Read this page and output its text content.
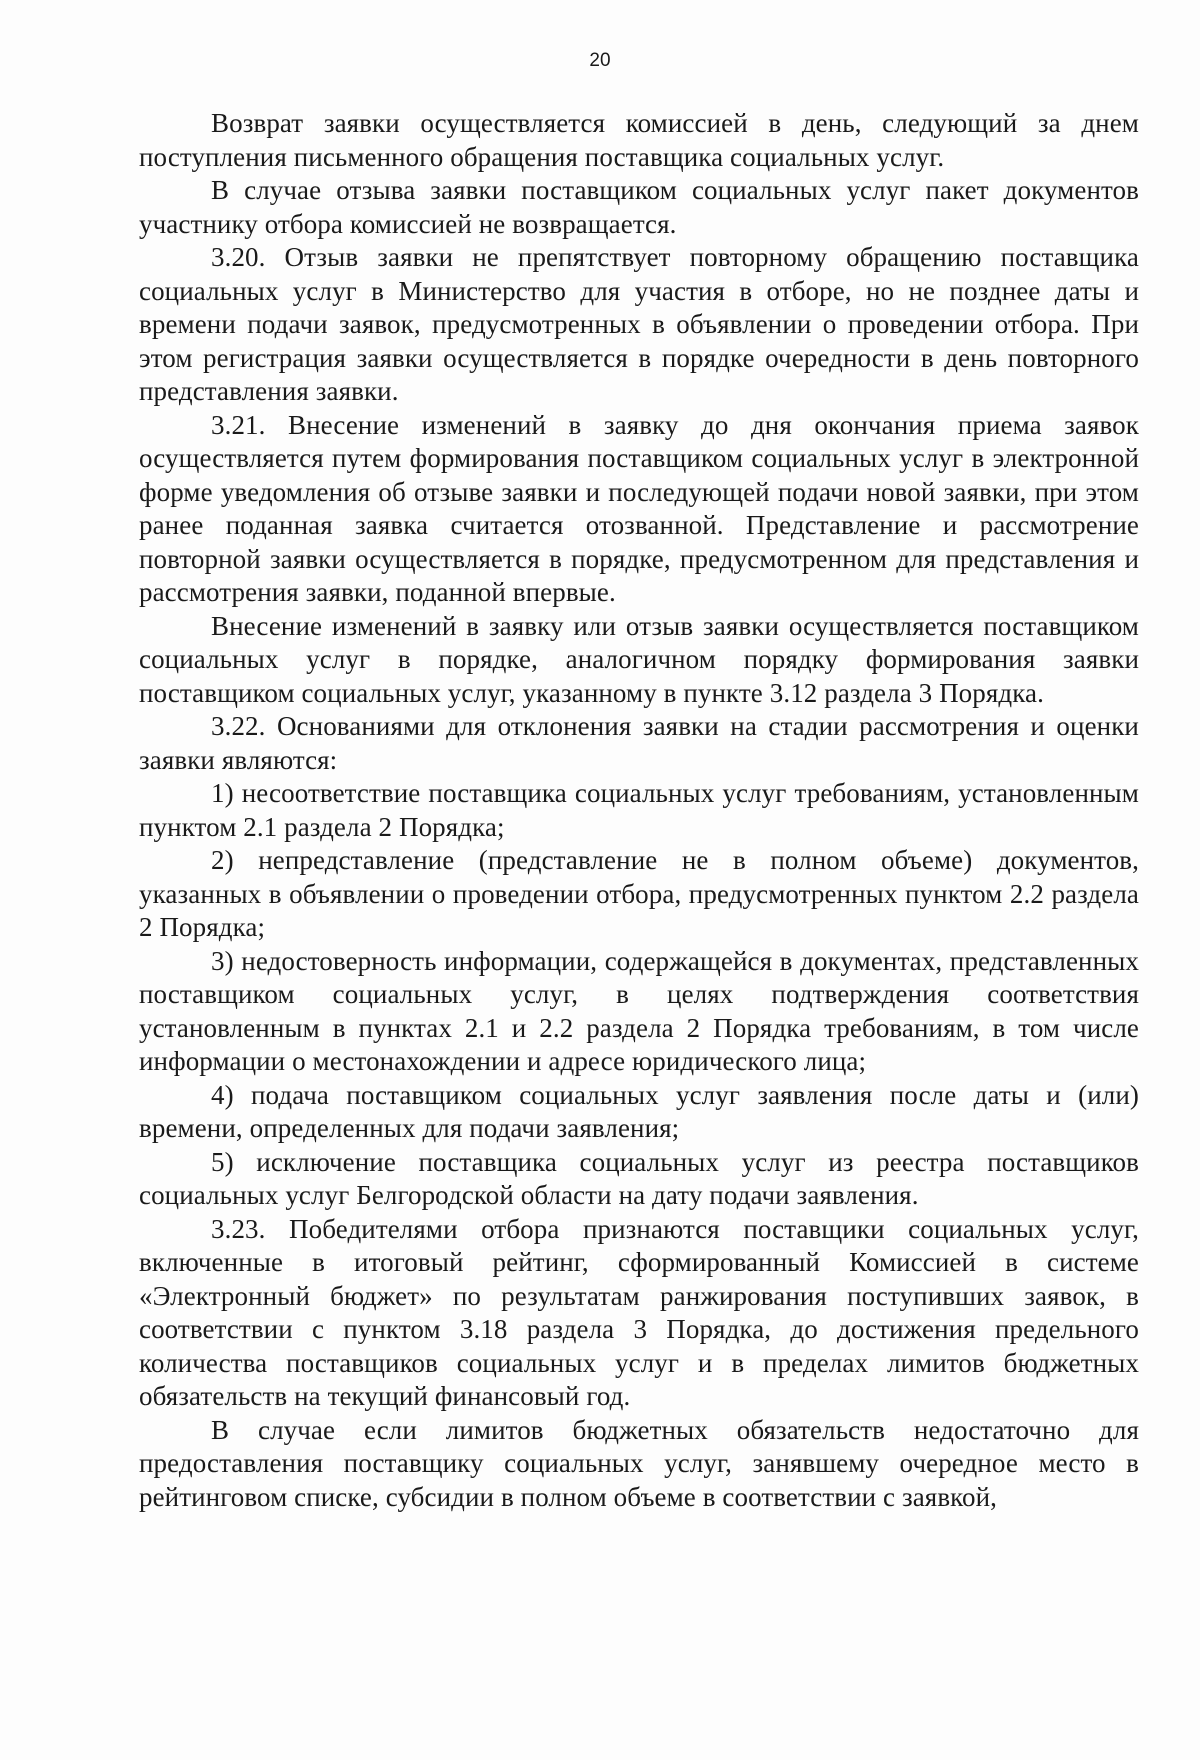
20

Возврат заявки осуществляется комиссией в день, следующий за днем поступления письменного обращения поставщика социальных услуг.

В случае отзыва заявки поставщиком социальных услуг пакет документов участнику отбора комиссией не возвращается.

3.20. Отзыв заявки не препятствует повторному обращению поставщика социальных услуг в Министерство для участия в отборе, но не позднее даты и времени подачи заявок, предусмотренных в объявлении о проведении отбора. При этом регистрация заявки осуществляется в порядке очередности в день повторного представления заявки.

3.21. Внесение изменений в заявку до дня окончания приема заявок осуществляется путем формирования поставщиком социальных услуг в электронной форме уведомления об отзыве заявки и последующей подачи новой заявки, при этом ранее поданная заявка считается отозванной. Представление и рассмотрение повторной заявки осуществляется в порядке, предусмотренном для представления и рассмотрения заявки, поданной впервые.

Внесение изменений в заявку или отзыв заявки осуществляется поставщиком социальных услуг в порядке, аналогичном порядку формирования заявки поставщиком социальных услуг, указанному в пункте 3.12 раздела 3 Порядка.

3.22. Основаниями для отклонения заявки на стадии рассмотрения и оценки заявки являются:

1) несоответствие поставщика социальных услуг требованиям, установленным пунктом 2.1 раздела 2 Порядка;

2) непредставление (представление не в полном объеме) документов, указанных в объявлении о проведении отбора, предусмотренных пунктом 2.2 раздела 2 Порядка;

3) недостоверность информации, содержащейся в документах, представленных поставщиком социальных услуг, в целях подтверждения соответствия установленным в пунктах 2.1 и 2.2 раздела 2 Порядка требованиям, в том числе информации о местонахождении и адресе юридического лица;

4) подача поставщиком социальных услуг заявления после даты и (или) времени, определенных для подачи заявления;

5) исключение поставщика социальных услуг из реестра поставщиков социальных услуг Белгородской области на дату подачи заявления.

3.23. Победителями отбора признаются поставщики социальных услуг, включенные в итоговый рейтинг, сформированный Комиссией в системе «Электронный бюджет» по результатам ранжирования поступивших заявок, в соответствии с пунктом 3.18 раздела 3 Порядка, до достижения предельного количества поставщиков социальных услуг и в пределах лимитов бюджетных обязательств на текущий финансовый год.

В случае если лимитов бюджетных обязательств недостаточно для предоставления поставщику социальных услуг, занявшему очередное место в рейтинговом списке, субсидии в полном объеме в соответствии с заявкой,
